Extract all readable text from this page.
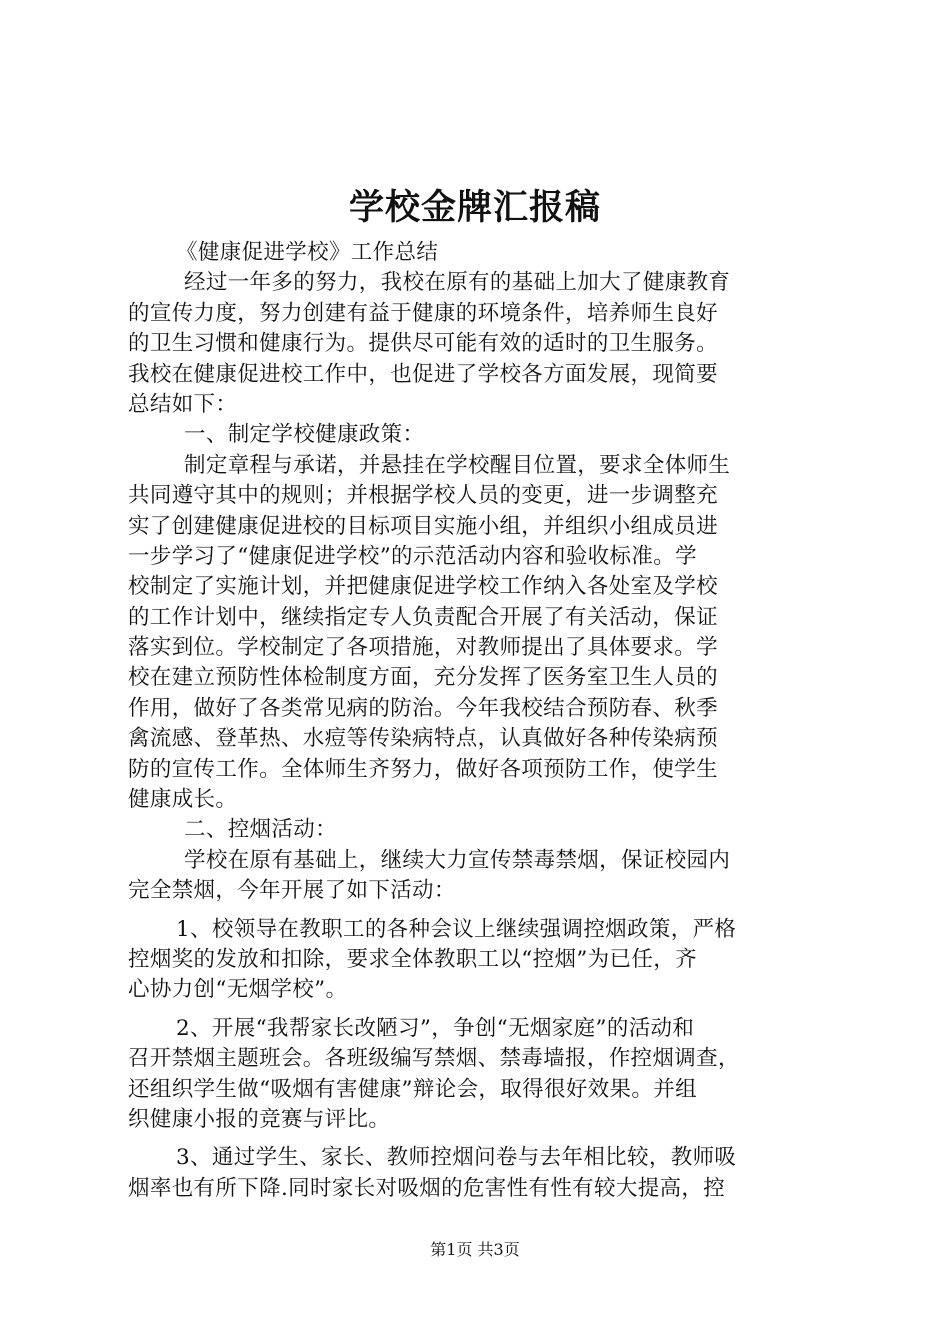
学校金牌汇报稿
《健康促进学校》工作总结
经过一年多的努力，我校在原有的基础上加大了健康教育
的宣传力度，努力创建有益于健康的环境条件，培养师生良好
的卫生习惯和健康行为。提供尽可能有效的适时的卫生服务。
我校在健康促进校工作中，也促进了学校各方面发展，现简要
总结如下：
一、制定学校健康政策：
制定章程与承诺，并悬挂在学校醒目位置，要求全体师生
共同遵守其中的规则；并根据学校人员的变更，进一步调整充
实了创建健康促进校的目标项目实施小组，并组织小组成员进
一步学习了“健康促进学校”的示范活动内容和验收标准。学
校制定了实施计划，并把健康促进学校工作纳入各处室及学校
的工作计划中，继续指定专人负责配合开展了有关活动，保证
落实到位。学校制定了各项措施，对教师提出了具体要求。学
校在建立预防性体检制度方面，充分发挥了医务室卫生人员的
作用，做好了各类常见病的防治。今年我校结合预防春、秋季
禽流感、登革热、水痘等传染病特点，认真做好各种传染病预
防的宣传工作。全体师生齐努力，做好各项预防工作，使学生
健康成长。
二、控烟活动：
学校在原有基础上，继续大力宣传禁毒禁烟，保证校园内
完全禁烟，今年开展了如下活动：
1、校领导在教职工的各种会议上继续强调控烟政策，严格
控烟奖的发放和扣除，要求全体教职工以“控烟”为已任，齐
心协力创“无烟学校”。
2、开展“我帮家长改陋习”，争创“无烟家庭”的活动和
召开禁烟主题班会。各班级编写禁烟、禁毒墙报，作控烟调查，
还组织学生做“吸烟有害健康”辩论会，取得很好效果。并组
织健康小报的竞赛与评比。
3、通过学生、家长、教师控烟问卷与去年相比较，教师吸
烟率也有所下降.同时家长对吸烟的危害性有性有较大提高，控
第1页 共3页
